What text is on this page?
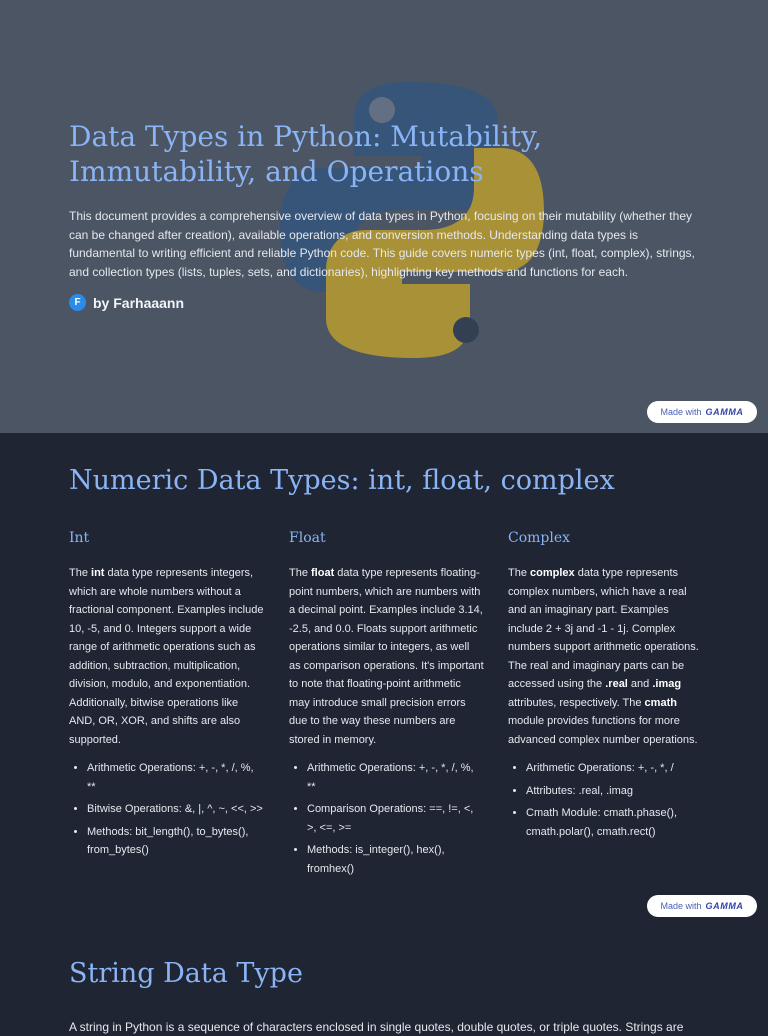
Data Types in Python: Mutability, Immutability, and Operations

This document provides a comprehensive overview of data types in Python, focusing on their mutability (whether they can be changed after creation), available operations, and conversion methods. Understanding data types is fundamental to writing efficient and reliable Python code. This guide covers numeric types (int, float, complex), strings, and collection types (lists, tuples, sets, and dictionaries), highlighting key methods and functions for each.

F by Farhaaann
Made with GAMMA
Numeric Data Types: int, float, complex
Int

The int data type represents integers, which are whole numbers without a fractional component. Examples include 10, -5, and 0. Integers support a wide range of arithmetic operations such as addition, subtraction, multiplication, division, modulo, and exponentiation. Additionally, bitwise operations like AND, OR, XOR, and shifts are also supported.

• Arithmetic Operations: +, -, *, /, %, **
• Bitwise Operations: &, |, ^, ~, <<, >>
• Methods: bit_length(), to_bytes(), from_bytes()
Float

The float data type represents floating-point numbers, which are numbers with a decimal point. Examples include 3.14, -2.5, and 0.0. Floats support arithmetic operations similar to integers, as well as comparison operations. It's important to note that floating-point arithmetic may introduce small precision errors due to the way these numbers are stored in memory.

• Arithmetic Operations: +, -, *, /, %, **
• Comparison Operations: ==, !=, <, >, <=, >=
• Methods: is_integer(), hex(), fromhex()
Complex

The complex data type represents complex numbers, which have a real and an imaginary part. Examples include 2 + 3j and -1 - 1j. Complex numbers support arithmetic operations. The real and imaginary parts can be accessed using the .real and .imag attributes, respectively. The cmath module provides functions for more advanced complex number operations.

• Arithmetic Operations: +, -, *, /
• Attributes: .real, .imag
• Cmath Module: cmath.phase(), cmath.polar(), cmath.rect()
Made with GAMMA
String Data Type

A string in Python is a sequence of characters enclosed in single quotes, double quotes, or triple quotes. Strings are
